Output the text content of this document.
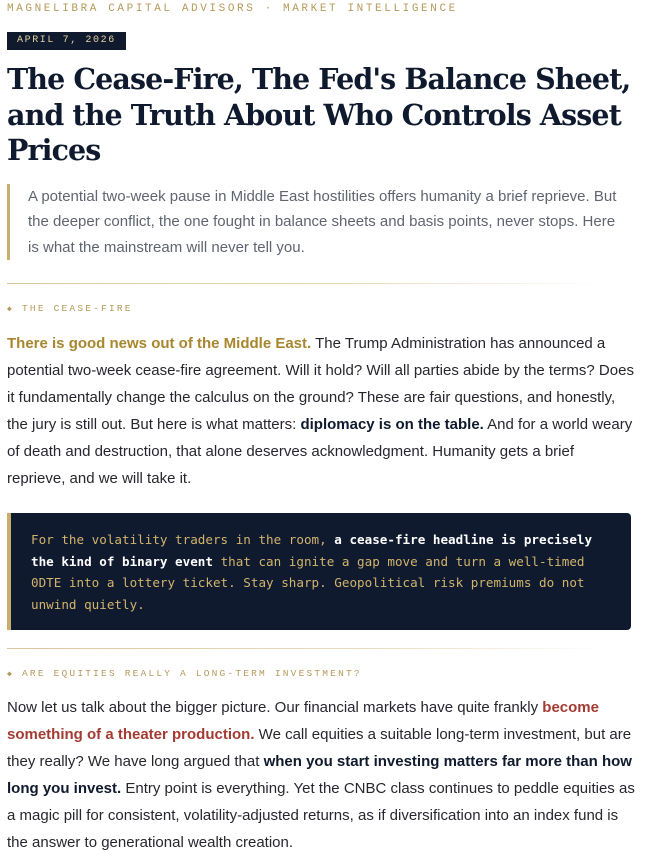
MAGNELIBRA CAPITAL ADVISORS · MARKET INTELLIGENCE
APRIL 7, 2026
The Cease-Fire, The Fed's Balance Sheet, and the Truth About Who Controls Asset Prices

A potential two-week pause in Middle East hostilities offers humanity a brief reprieve. But the deeper conflict, the one fought in balance sheets and basis points, never stops. Here is what the mainstream will never tell you.

◆ THE CEASE-FIRE

There is good news out of the Middle East. The Trump Administration has announced a potential two-week cease-fire agreement. Will it hold? Will all parties abide by the terms? Does it fundamentally change the calculus on the ground? These are fair questions, and honestly, the jury is still out. But here is what matters: diplomacy is on the table. And for a world weary of death and destruction, that alone deserves acknowledgment. Humanity gets a brief reprieve, and we will take it.

For the volatility traders in the room, a cease-fire headline is precisely the kind of binary event that can ignite a gap move and turn a well-timed 0DTE into a lottery ticket. Stay sharp. Geopolitical risk premiums do not unwind quietly.
◆ ARE EQUITIES REALLY A LONG-TERM INVESTMENT?

Now let us talk about the bigger picture. Our financial markets have quite frankly become something of a theater production. We call equities a suitable long-term investment, but are they really? We have long argued that when you start investing matters far more than how long you invest. Entry point is everything. Yet the CNBC class continues to peddle equities as a magic pill for consistent, volatility-adjusted returns, as if diversification into an index fund is the answer to generational wealth creation.
